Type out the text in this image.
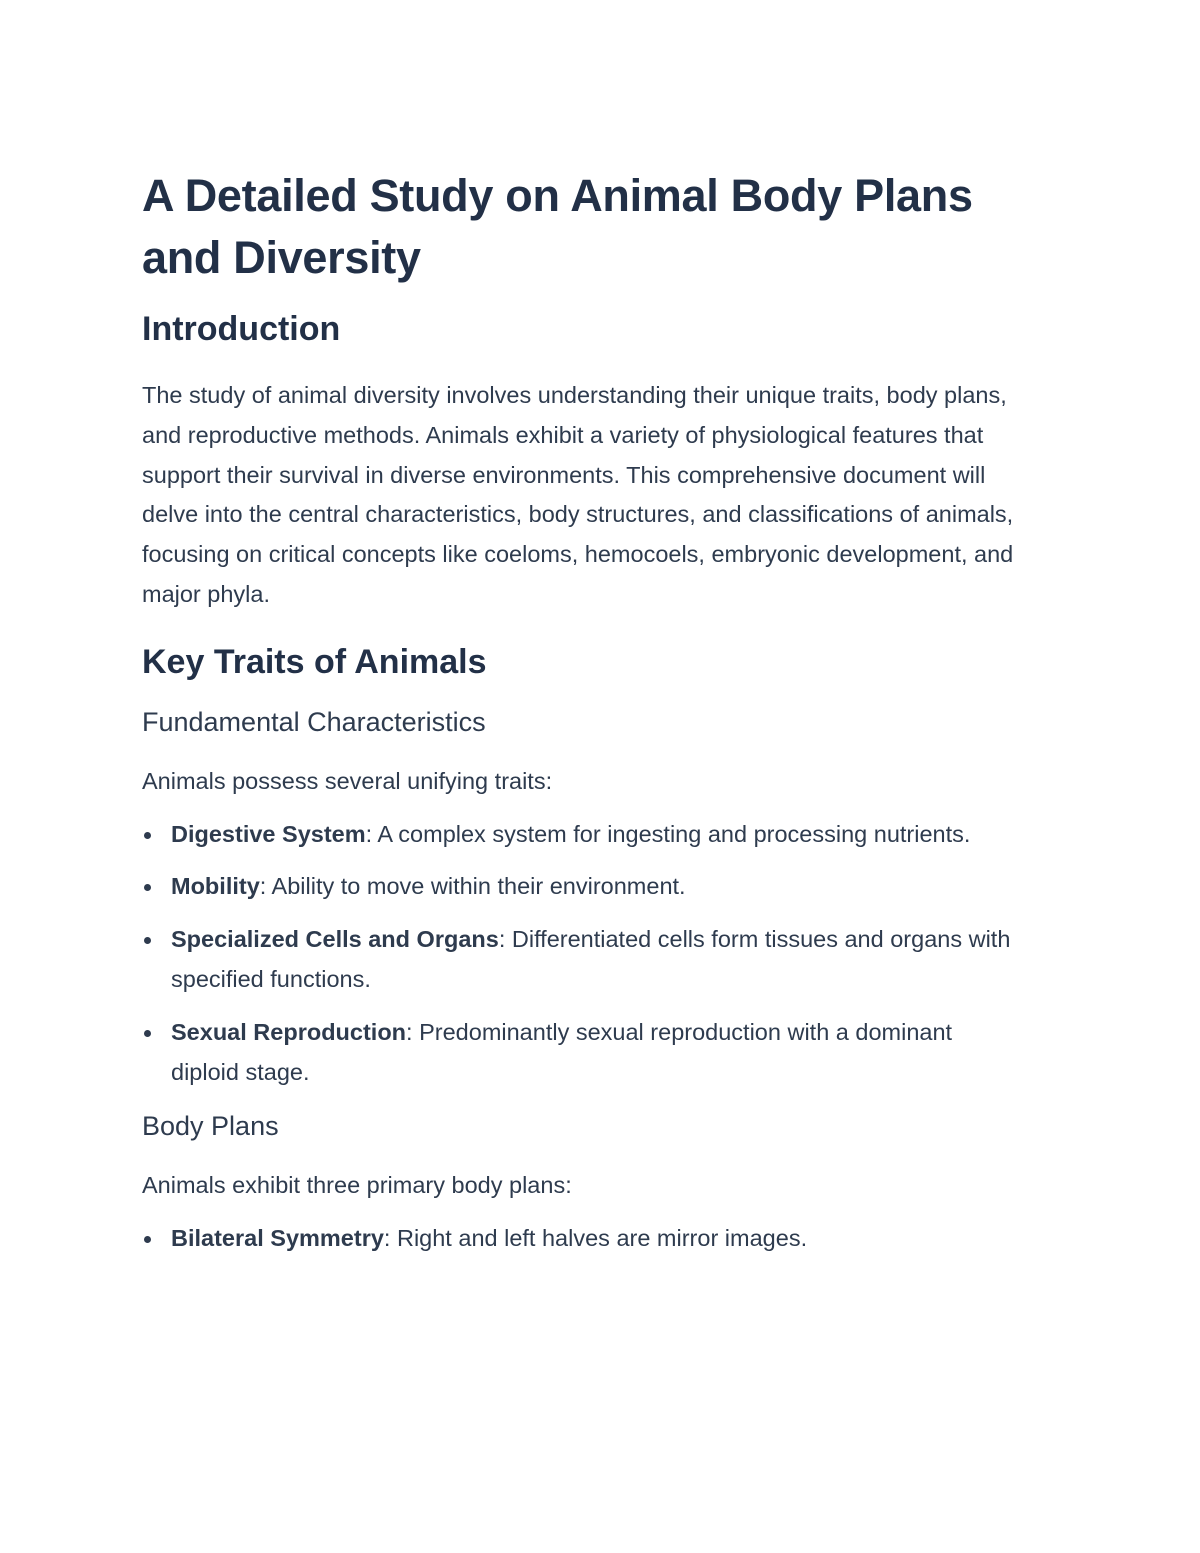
A Detailed Study on Animal Body Plans and Diversity
Introduction

The study of animal diversity involves understanding their unique traits, body plans, and reproductive methods. Animals exhibit a variety of physiological features that support their survival in diverse environments. This comprehensive document will delve into the central characteristics, body structures, and classifications of animals, focusing on critical concepts like coeloms, hemocoels, embryonic development, and major phyla.

Key Traits of Animals
Fundamental Characteristics

Animals possess several unifying traits:

Digestive System: A complex system for ingesting and processing nutrients.
Mobility: Ability to move within their environment.
Specialized Cells and Organs: Differentiated cells form tissues and organs with specified functions.
Sexual Reproduction: Predominantly sexual reproduction with a dominant diploid stage.
Body Plans

Animals exhibit three primary body plans:

Bilateral Symmetry: Right and left halves are mirror images.
